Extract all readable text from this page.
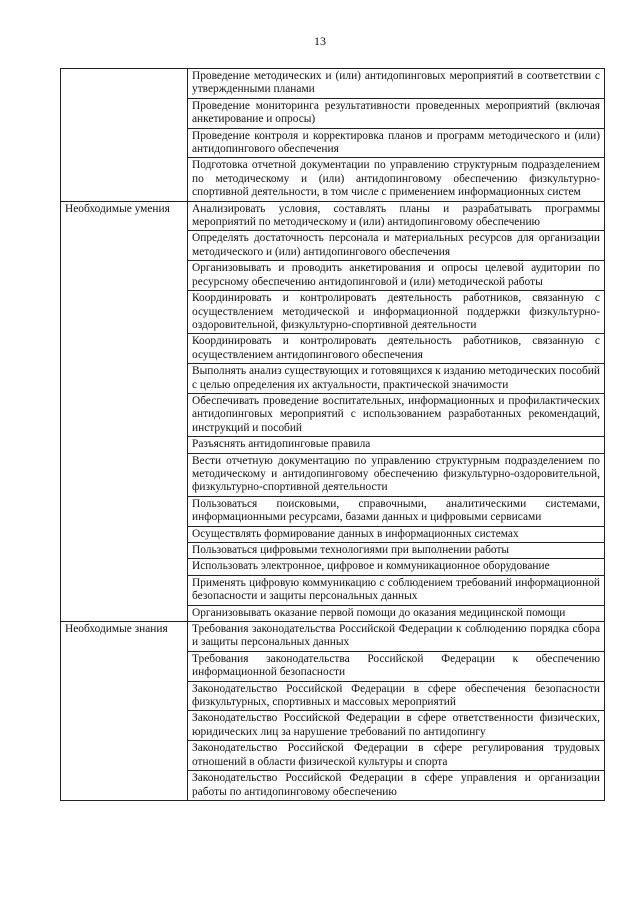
13
	Проведение методических и (или) антидопинговых мероприятий в соответствии с утвержденными планами
	Проведение мониторинга результативности проведенных мероприятий (включая анкетирование и опросы)
	Проведение контроля и корректировка планов и программ методического и (или) антидопингового обеспечения
	Подготовка отчетной документации по управлению структурным подразделением по методическому и (или) антидопинговому обеспечению физкультурно-спортивной деятельности, в том числе с применением информационных систем
Необходимые умения	Анализировать условия, составлять планы и разрабатывать программы мероприятий по методическому и (или) антидопинговому обеспечению
	Определять достаточность персонала и материальных ресурсов для организации методического и (или) антидопингового обеспечения
	Организовывать и проводить анкетирования и опросы целевой аудитории по ресурсному обеспечению антидопинговой и (или) методической работы
	Координировать и контролировать деятельность работников, связанную с осуществлением методической и информационной поддержки физкультурно-оздоровительной, физкультурно-спортивной деятельности
	Координировать и контролировать деятельность работников, связанную с осуществлением антидопингового обеспечения
	Выполнять анализ существующих и готовящихся к изданию методических пособий с целью определения их актуальности, практической значимости
	Обеспечивать проведение воспитательных, информационных и профилактических антидопинговых мероприятий с использованием разработанных рекомендаций, инструкций и пособий
	Разъяснять антидопинговые правила
	Вести отчетную документацию по управлению структурным подразделением по методическому и антидопинговому обеспечению физкультурно-оздоровительной, физкультурно-спортивной деятельности
	Пользоваться поисковыми, справочными, аналитическими системами, информационными ресурсами, базами данных и цифровыми сервисами
	Осуществлять формирование данных в информационных системах
	Пользоваться цифровыми технологиями при выполнении работы
	Использовать электронное, цифровое и коммуникационное оборудование
	Применять цифровую коммуникацию с соблюдением требований информационной безопасности и защиты персональных данных
	Организовывать оказание первой помощи до оказания медицинской помощи
Необходимые знания	Требования законодательства Российской Федерации к соблюдению порядка сбора и защиты персональных данных
	Требования законодательства Российской Федерации к обеспечению информационной безопасности
	Законодательство Российской Федерации в сфере обеспечения безопасности физкультурных, спортивных и массовых мероприятий
	Законодательство Российской Федерации в сфере ответственности физических, юридических лиц за нарушение требований по антидопингу
	Законодательство Российской Федерации в сфере регулирования трудовых отношений в области физической культуры и спорта
	Законодательство Российской Федерации в сфере управления и организации работы по антидопинговому обеспечению
